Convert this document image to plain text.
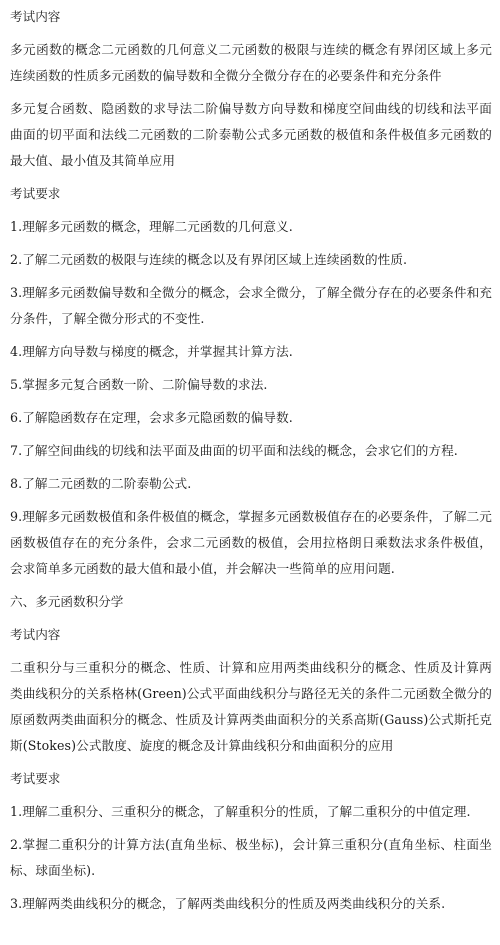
考试内容

多元函数的概念二元函数的几何意义二元函数的极限与连续的概念有界闭区域上多元连续函数的性质多元函数的偏导数和全微分全微分存在的必要条件和充分条件

多元复合函数、隐函数的求导法二阶偏导数方向导数和梯度空间曲线的切线和法平面曲面的切平面和法线二元函数的二阶泰勒公式多元函数的极值和条件极值多元函数的最大值、最小值及其简单应用

考试要求

1.理解多元函数的概念，理解二元函数的几何意义.

2.了解二元函数的极限与连续的概念以及有界闭区域上连续函数的性质.

3.理解多元函数偏导数和全微分的概念，会求全微分，了解全微分存在的必要条件和充分条件，了解全微分形式的不变性.

4.理解方向导数与梯度的概念，并掌握其计算方法.

5.掌握多元复合函数一阶、二阶偏导数的求法.

6.了解隐函数存在定理，会求多元隐函数的偏导数.

7.了解空间曲线的切线和法平面及曲面的切平面和法线的概念，会求它们的方程.

8.了解二元函数的二阶泰勒公式.

9.理解多元函数极值和条件极值的概念，掌握多元函数极值存在的必要条件，了解二元函数极值存在的充分条件，会求二元函数的极值，会用拉格朗日乘数法求条件极值，会求简单多元函数的最大值和最小值，并会解决一些简单的应用问题.

六、多元函数积分学

考试内容

二重积分与三重积分的概念、性质、计算和应用两类曲线积分的概念、性质及计算两类曲线积分的关系格林(Green)公式平面曲线积分与路径无关的条件二元函数全微分的原函数两类曲面积分的概念、性质及计算两类曲面积分的关系高斯(Gauss)公式斯托克斯(Stokes)公式散度、旋度的概念及计算曲线积分和曲面积分的应用

考试要求

1.理解二重积分、三重积分的概念，了解重积分的性质，了解二重积分的中值定理.

2.掌握二重积分的计算方法(直角坐标、极坐标)，会计算三重积分(直角坐标、柱面坐标、球面坐标).

3.理解两类曲线积分的概念，了解两类曲线积分的性质及两类曲线积分的关系.
